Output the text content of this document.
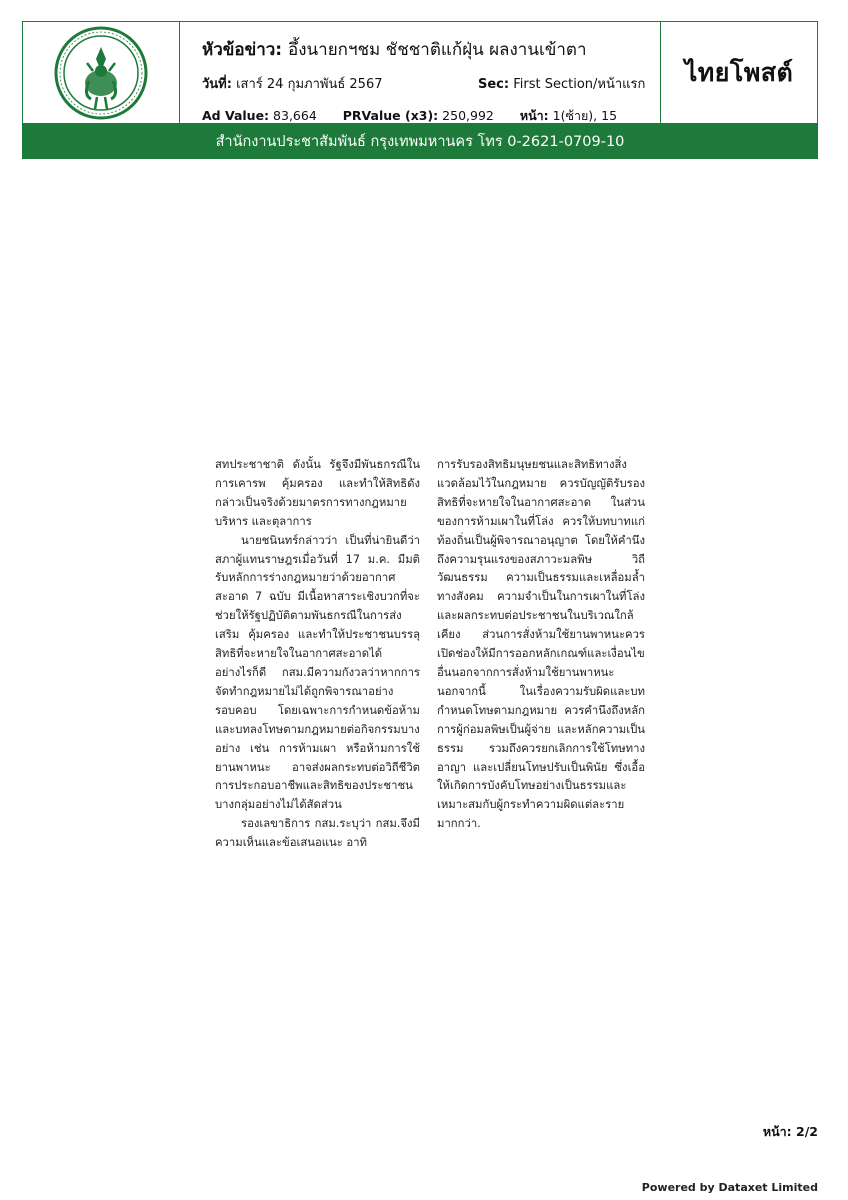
หัวข้อข่าว: อึ้งนายกฯชม ชัชชาติแก้ฝุ่น ผลงานเข้าตา
วันที่: เสาร์ 24 กุมภาพันธ์ 2567	Sec: First Section/หน้าแรก
Ad Value: 83,664 PRValue (x3): 250,992 หน้า: 1(ซ้าย), 15
ไทยโพสต์
สำนักงานประชาสัมพันธ์ กรุงเทพมหานคร โทร 0-2621-0709-10

สทประชาชาติ ดังนั้น รัฐจึงมีพันธกรณีในการเคารพ คุ้มครอง และทำให้สิทธิดังกล่าวเป็นจริงด้วยมาตรการทางกฎหมาย บริหาร และตุลาการ

นายชนินทร์กล่าวว่า เป็นที่น่ายินดีว่าสภาผู้แทนราษฎรเมื่อวันที่ 17 ม.ค. มีมติรับหลักการร่างกฎหมายว่าด้วยอากาศสะอาด 7 ฉบับ มีเนื้อหาสาระเชิงบวกที่จะช่วยให้รัฐปฏิบัติตามพันธกรณีในการส่งเสริม คุ้มครอง และทำให้ประชาชนบรรลุสิทธิที่จะหายใจในอากาศสะอาดได้ อย่างไรก็ดี กสม.มีความกังวลว่าหากการจัดทำกฎหมายไม่ได้ถูกพิจารณาอย่างรอบคอบ โดยเฉพาะการกำหนดข้อห้ามและบทลงโทษตามกฎหมายต่อกิจกรรมบางอย่าง เช่น การห้ามเผา หรือห้ามการใช้ยานพาหนะ อาจส่งผลกระทบต่อวิถีชีวิต การประกอบอาชีพและสิทธิของประชาชนบางกลุ่มอย่างไม่ได้สัดส่วน

รองเลขาธิการ กสม.ระบุว่า กสม.จึงมีความเห็นและข้อเสนอแนะ อาทิ

การรับรองสิทธิมนุษยชนและสิทธิทางสิ่งแวดล้อมไว้ในกฎหมาย ควรบัญญัติรับรองสิทธิที่จะหายใจในอากาศสะอาด ในส่วนของการห้ามเผาในที่โล่ง ควรให้บทบาทแก่ท้องถิ่นเป็นผู้พิจารณาอนุญาต โดยให้คำนึงถึงความรุนแรงของสภาวะมลพิษ วิถีวัฒนธรรม ความเป็นธรรมและเหลื่อมล้ำทางสังคม ความจำเป็นในการเผาในที่โล่ง และผลกระทบต่อประชาชนในบริเวณใกล้เคียง ส่วนการสั่งห้ามใช้ยานพาหนะควรเปิดช่องให้มีการออกหลักเกณฑ์และเงื่อนไขอื่นนอกจากการสั่งห้ามใช้ยานพาหนะ นอกจากนี้ ในเรื่องความรับผิดและบทกำหนดโทษตามกฎหมาย ควรคำนึงถึงหลักการผู้ก่อมลพิษเป็นผู้จ่าย และหลักความเป็นธรรม รวมถึงควรยกเลิกการใช้โทษทางอาญา และเปลี่ยนโทษปรับเป็นพินัย ซึ่งเอื้อให้เกิดการบังคับโทษอย่างเป็นธรรมและเหมาะสมกับผู้กระทำความผิดแต่ละรายมากกว่า.

หน้า: 2/2
Powered by Dataxet Limited
